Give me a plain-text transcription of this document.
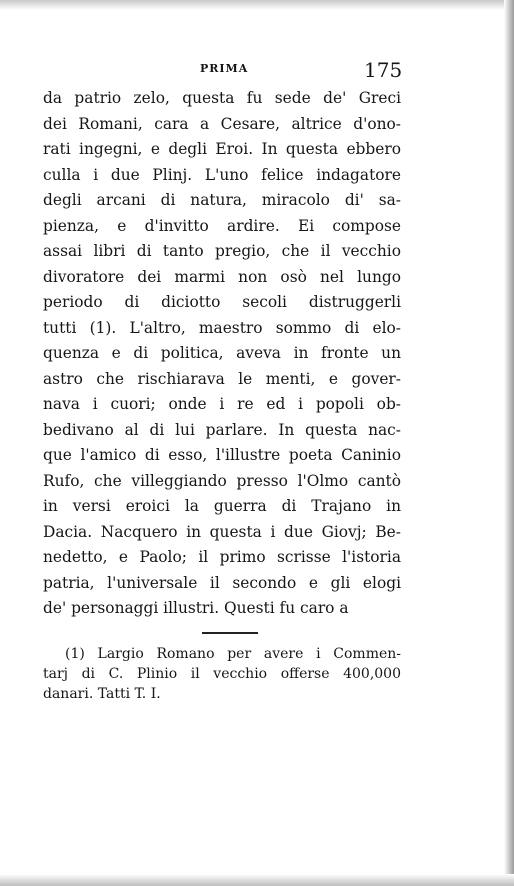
PRIMA	175
da patrio zelo, questa fu sede de' Greci
dei Romani, cara a Cesare, altrice d'ono-
rati ingegni, e degli Eroi. In questa ebbero
culla i due Plinj. L'uno felice indagatore
degli arcani di natura, miracolo di' sa-
pienza, e d'invitto ardire. Ei compose
assai libri di tanto pregio, che il vecchio
divoratore dei marmi non osò nel lungo
periodo di diciotto secoli distruggerli
tutti (1). L'altro, maestro sommo di elo-
quenza e di politica, aveva in fronte un
astro che rischiarava le menti, e gover-
nava i cuori; onde i re ed i popoli ob-
bedivano al di lui parlare. In questa nac-
que l'amico di esso, l'illustre poeta Caninio
Rufo, che villeggiando presso l'Olmo cantò
in versi eroici la guerra di Trajano in
Dacia. Nacquero in questa i due Giovj; Be-
nedetto, e Paolo; il primo scrisse l'istoria
patria, l'universale il secondo e gli elogi
de' personaggi illustri. Questi fu caro a
(1) Largio Romano per avere i Commen-
tarj di C. Plinio il vecchio offerse 400,000
danari. Tatti T. I.
